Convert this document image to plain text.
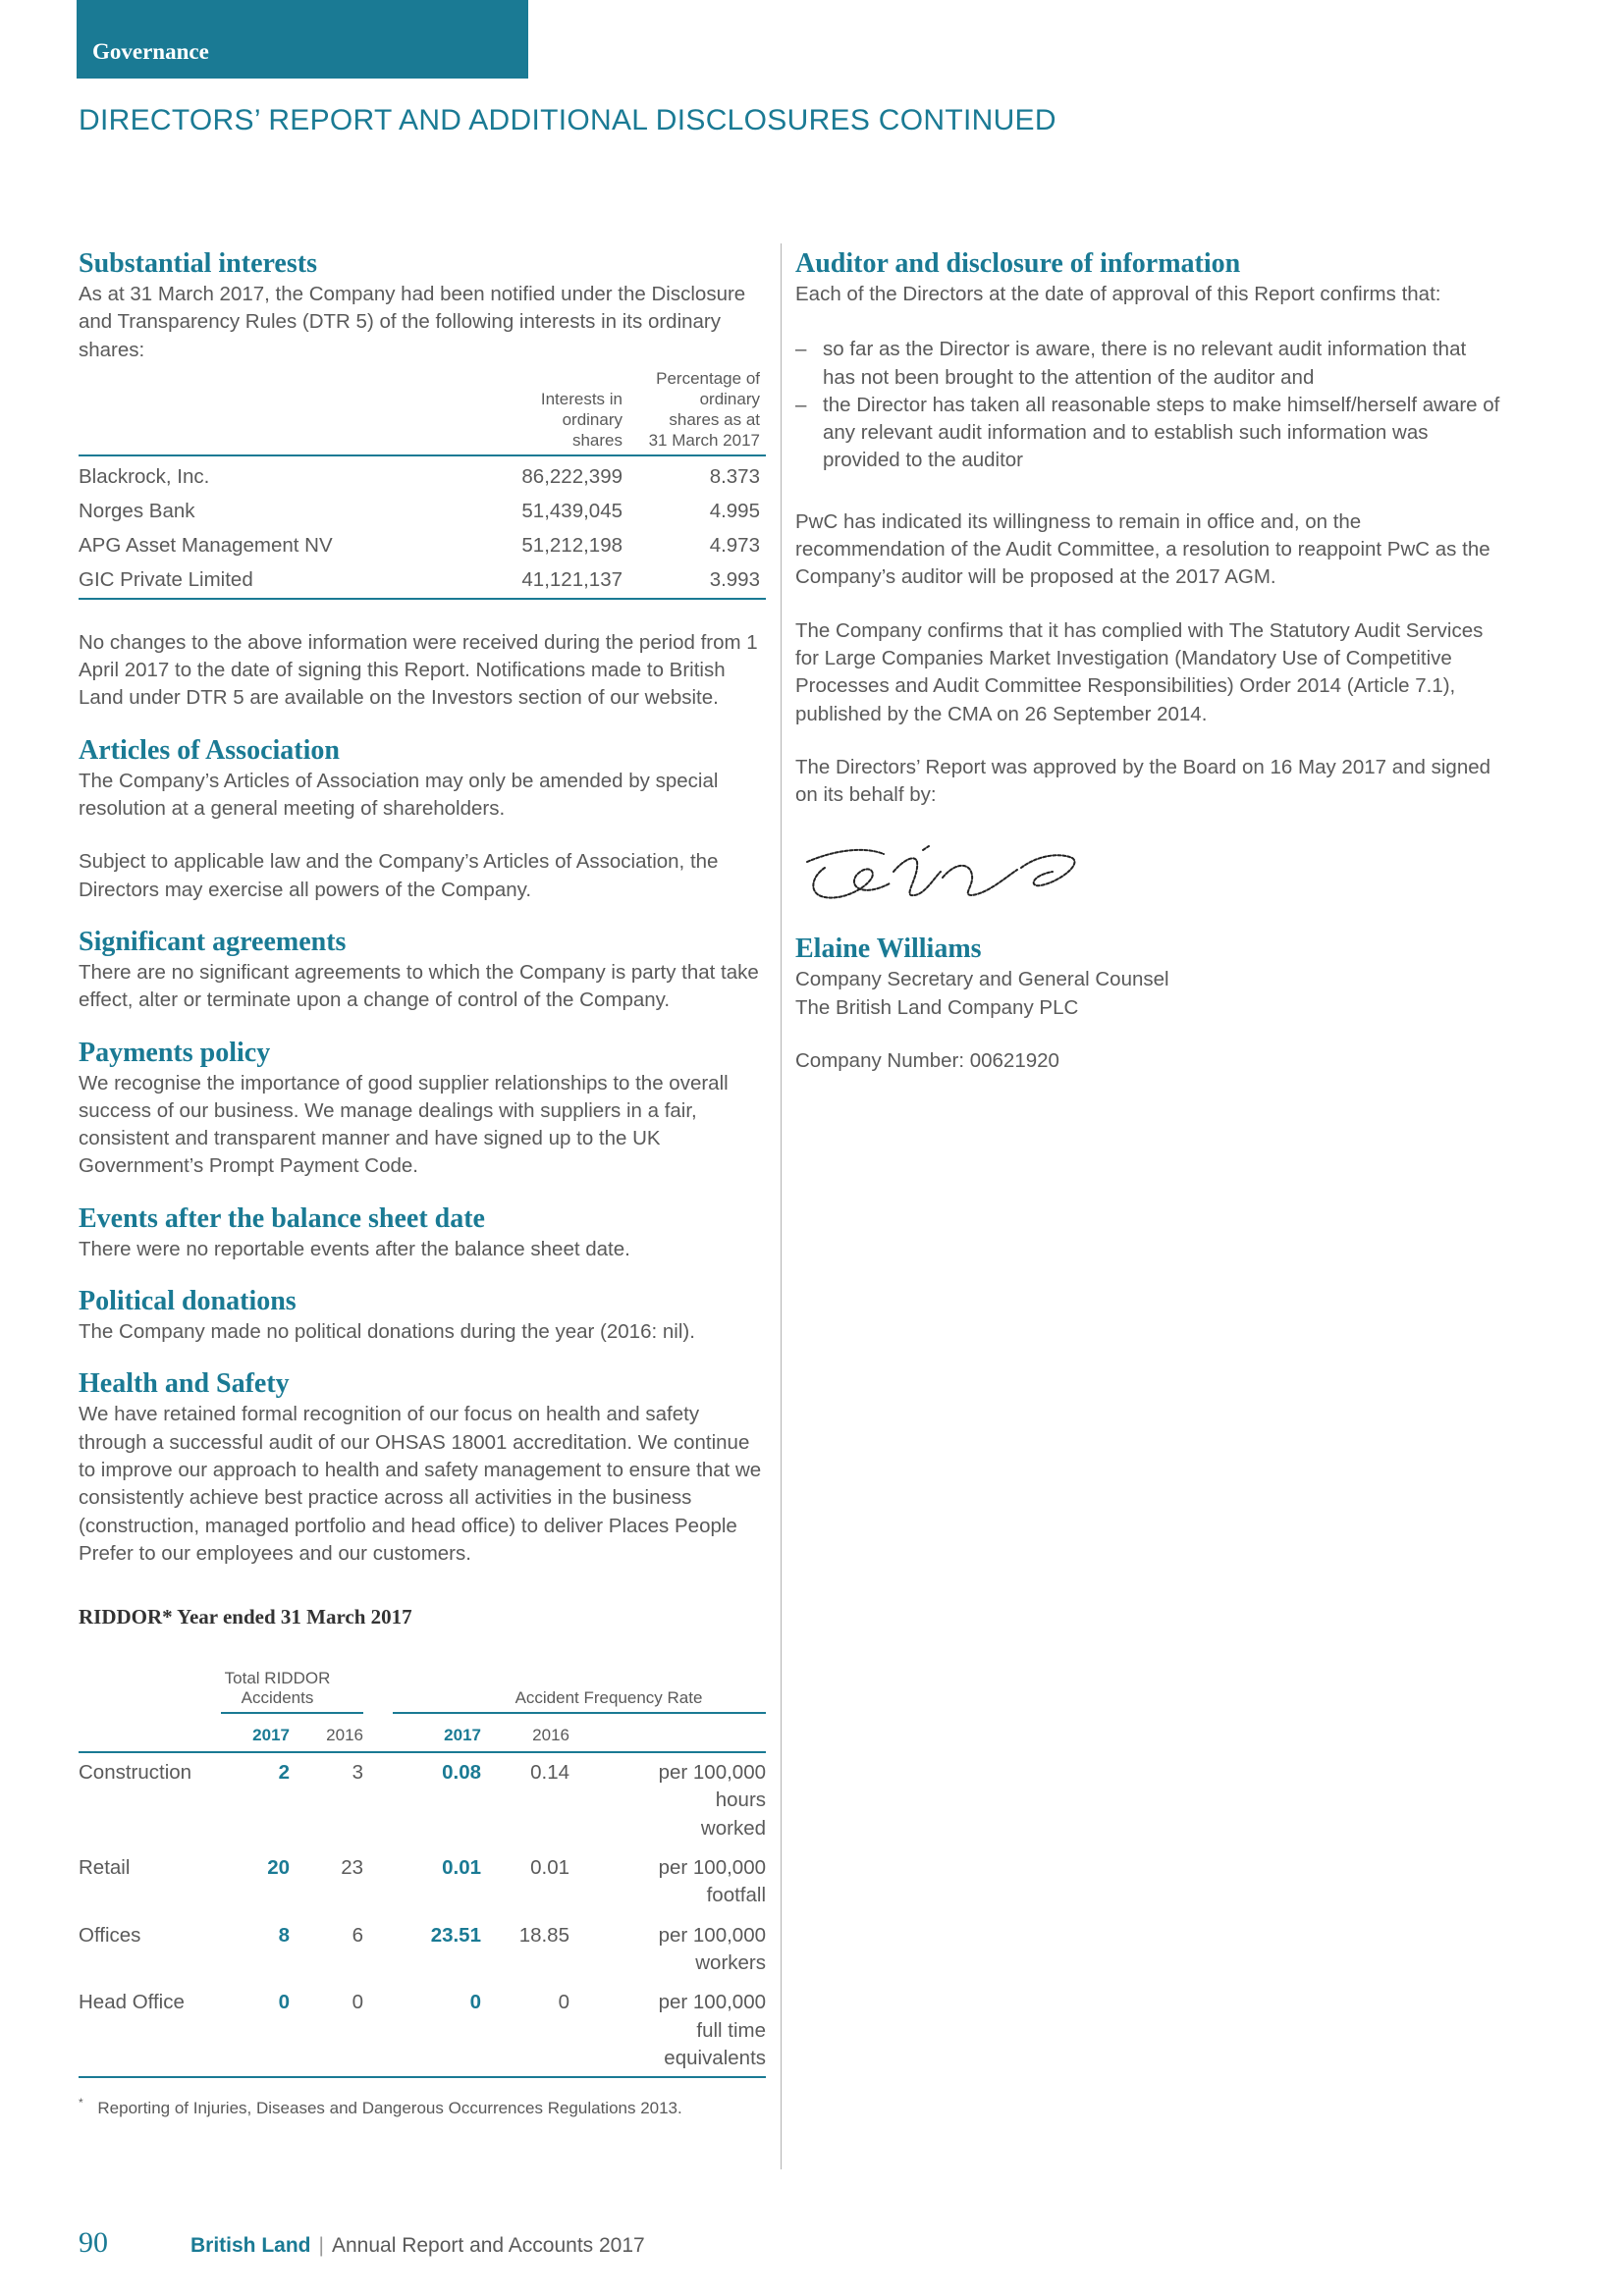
Governance
DIRECTORS’ REPORT AND ADDITIONAL DISCLOSURES CONTINUED
Substantial interests

As at 31 March 2017, the Company had been notified under the Disclosure and Transparency Rules (DTR 5) of the following interests in its ordinary shares:

	Interests in ordinary shares	Percentage of ordinary shares as at 31 March 2017
Blackrock, Inc.	86,222,399	8.373
Norges Bank	51,439,045	4.995
APG Asset Management NV	51,212,198	4.973
GIC Private Limited	41,121,137	3.993

No changes to the above information were received during the period from 1 April 2017 to the date of signing this Report. Notifications made to British Land under DTR 5 are available on the Investors section of our website.

Articles of Association

The Company’s Articles of Association may only be amended by special resolution at a general meeting of shareholders.

Subject to applicable law and the Company’s Articles of Association, the Directors may exercise all powers of the Company.

Significant agreements

There are no significant agreements to which the Company is party that take effect, alter or terminate upon a change of control of the Company.

Payments policy

We recognise the importance of good supplier relationships to the overall success of our business. We manage dealings with suppliers in a fair, consistent and transparent manner and have signed up to the UK Government’s Prompt Payment Code.

Events after the balance sheet date

There were no reportable events after the balance sheet date.

Political donations

The Company made no political donations during the year (2016: nil).

Health and Safety

We have retained formal recognition of our focus on health and safety through a successful audit of our OHSAS 18001 accreditation. We continue to improve our approach to health and safety management to ensure that we consistently achieve best practice across all activities in the business (construction, managed portfolio and head office) to deliver Places People Prefer to our employees and our customers.

RIDDOR* Year ended 31 March 2017
	Total RIDDOR Accidents			Accident Frequency Rate		
	2017	2016		2017	2016	
Construction	2	3		0.08	0.14	per 100,000 hours worked
Retail	20	23		0.01	0.01	per 100,000 footfall
Offices	8	6		23.51	18.85	per 100,000 workers
Head Office	0	0		0	0	per 100,000 full time equivalents
* Reporting of Injuries, Diseases and Dangerous Occurrences Regulations 2013.
Auditor and disclosure of information

Each of the Directors at the date of approval of this Report confirms that:

– so far as the Director is aware, there is no relevant audit information that has not been brought to the attention of the auditor and
– the Director has taken all reasonable steps to make himself/herself aware of any relevant audit information and to establish such information was provided to the auditor

PwC has indicated its willingness to remain in office and, on the recommendation of the Audit Committee, a resolution to reappoint PwC as the Company’s auditor will be proposed at the 2017 AGM.

The Company confirms that it has complied with The Statutory Audit Services for Large Companies Market Investigation (Mandatory Use of Competitive Processes and Audit Committee Responsibilities) Order 2014 (Article 7.1), published by the CMA on 26 September 2014.

The Directors’ Report was approved by the Board on 16 May 2017 and signed on its behalf by:

Elaine Williams

Company Secretary and General Counsel

The British Land Company PLC

Company Number: 00621920

90	British Land | Annual Report and Accounts 2017
